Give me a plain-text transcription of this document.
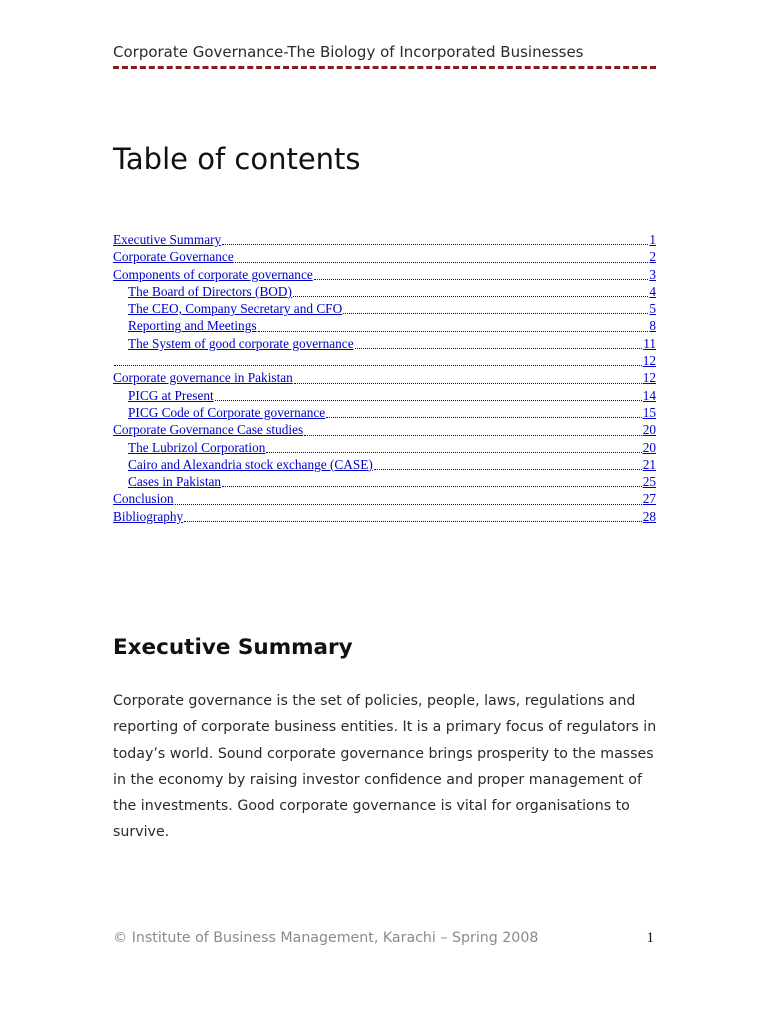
Corporate Governance-The Biology of Incorporated Businesses
Table of contents
Executive Summary	1
Corporate Governance	2
Components of corporate governance	3
The Board of Directors (BOD)	4
The CEO, Company Secretary and CFO	5
Reporting and Meetings	8
The System of good corporate governance	11
12
Corporate governance in Pakistan	12
PICG at Present	14
PICG Code of Corporate governance	15
Corporate Governance Case studies	20
The Lubrizol Corporation	20
Cairo and Alexandria stock exchange (CASE)	21
Cases in Pakistan	25
Conclusion	27
Bibliography	28
Executive Summary

Corporate governance is the set of policies, people, laws, regulations and reporting of corporate business entities. It is a primary focus of regulators in today’s world. Sound corporate governance brings prosperity to the masses in the economy by raising investor confidence and proper management of the investments. Good corporate governance is vital for organisations to survive.

© Institute of Business Management, Karachi – Spring 2008	1
